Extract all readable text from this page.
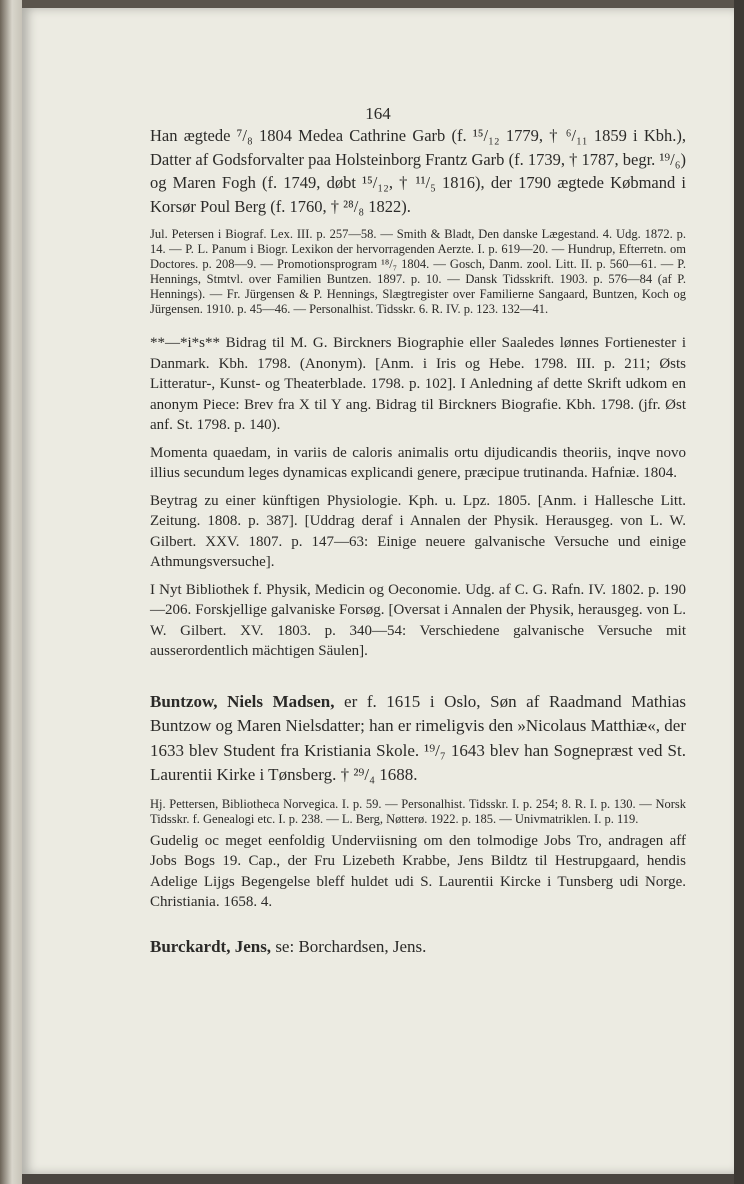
164

Han ægtede ⁷/₈ 1804 Medea Cathrine Garb (f. ¹⁵/₁₂ 1779, † ⁶/₁₁ 1859 i Kbh.), Datter af Godsforvalter paa Holsteinborg Frantz Garb (f. 1739, † 1787, begr. ¹⁹/₆) og Maren Fogh (f. 1749, døbt ¹⁵/₁₂, † ¹¹/₅ 1816), der 1790 ægtede Købmand i Korsør Poul Berg (f. 1760, † ²⁸/₈ 1822).

Jul. Petersen i Biograf. Lex. III. p. 257—58. — Smith & Bladt, Den danske Lægestand. 4. Udg. 1872. p. 14. — P. L. Panum i Biogr. Lexikon der hervorragenden Aerzte. I. p. 619—20. — Hundrup, Efterretn. om Doctores. p. 208—9. — Promotionsprogram ¹⁸/₇ 1804. — Gosch, Danm. zool. Litt. II. p. 560—61. — P. Hennings, Stmtvl. over Familien Buntzen. 1897. p. 10. — Dansk Tidsskrift. 1903. p. 576—84 (af P. Hennings). — Fr. Jürgensen & P. Hennings, Slægtregister over Familierne Sangaard, Buntzen, Koch og Jürgensen. 1910. p. 45—46. — Personalhist. Tidsskr. 6. R. IV. p. 123. 132—41.

**—*i*s** Bidrag til M. G. Birckners Biographie eller Saaledes lønnes Fortienester i Danmark. Kbh. 1798. (Anonym). [Anm. i Iris og Hebe. 1798. III. p. 211; Østs Litteratur-, Kunst- og Theaterblade. 1798. p. 102]. I Anledning af dette Skrift udkom en anonym Piece: Brev fra X til Y ang. Bidrag til Birckners Biografie. Kbh. 1798. (jfr. Øst anf. St. 1798. p. 140).

Momenta quaedam, in variis de caloris animalis ortu dijudicandis theoriis, inqve novo illius secundum leges dynamicas explicandi genere, præcipue trutinanda. Hafniæ. 1804.

Beytrag zu einer künftigen Physiologie. Kph. u. Lpz. 1805. [Anm. i Hallesche Litt. Zeitung. 1808. p. 387]. [Uddrag deraf i Annalen der Physik. Herausgeg. von L. W. Gilbert. XXV. 1807. p. 147—63: Einige neuere galvanische Versuche und einige Athmungsversuche].

I Nyt Bibliothek f. Physik, Medicin og Oeconomie. Udg. af C. G. Rafn. IV. 1802. p. 190—206. Forskjellige galvaniske Forsøg. [Oversat i Annalen der Physik, herausgeg. von L. W. Gilbert. XV. 1803. p. 340—54: Verschiedene galvanische Versuche mit ausserordentlich mächtigen Säulen].

Buntzow, Niels Madsen, er f. 1615 i Oslo, Søn af Raadmand Mathias Buntzow og Maren Nielsdatter; han er rimeligvis den »Nicolaus Matthiæ«, der 1633 blev Student fra Kristiania Skole. ¹⁹/₇ 1643 blev han Sognepræst ved St. Laurentii Kirke i Tønsberg. † ²⁹/₄ 1688.

Hj. Pettersen, Bibliotheca Norvegica. I. p. 59. — Personalhist. Tidsskr. I. p. 254; 8. R. I. p. 130. — Norsk Tidsskr. f. Genealogi etc. I. p. 238. — L. Berg, Nøtterø. 1922. p. 185. — Univmatriklen. I. p. 119.

Gudelig oc meget eenfoldig Underviisning om den tolmodige Jobs Tro, andragen aff Jobs Bogs 19. Cap., der Fru Lizebeth Krabbe, Jens Bildtz til Hestrupgaard, hendis Adelige Lijgs Begengelse bleff huldet udi S. Laurentii Kircke i Tunsberg udi Norge. Christiania. 1658. 4.

Burckardt, Jens, se: Borchardsen, Jens.
